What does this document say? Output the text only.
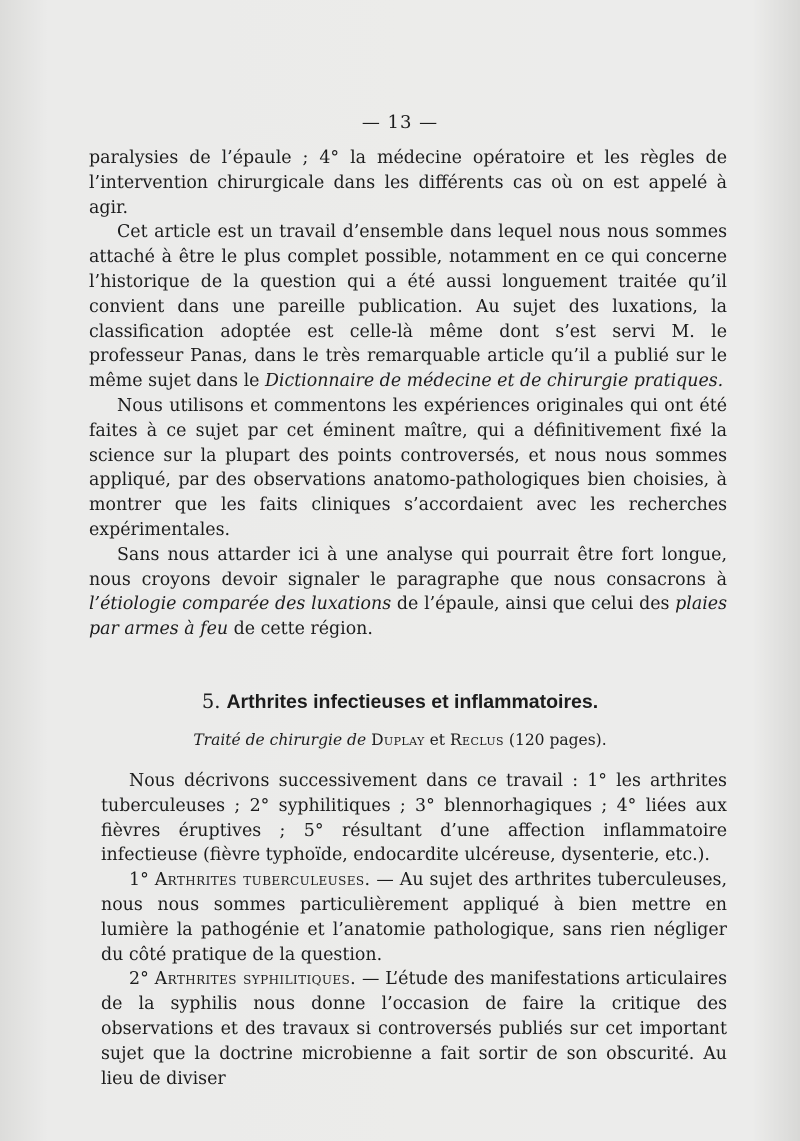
— 13 —

paralysies de l’épaule ; 4° la médecine opératoire et les règles de l’intervention chirurgicale dans les différents cas où on est appelé à agir.

Cet article est un travail d’ensemble dans lequel nous nous sommes attaché à être le plus complet possible, notamment en ce qui concerne l’historique de la question qui a été aussi longuement traitée qu’il convient dans une pareille publication. Au sujet des luxations, la classification adoptée est celle-là même dont s’est servi M. le professeur Panas, dans le très remarquable article qu’il a publié sur le même sujet dans le Dictionnaire de médecine et de chirurgie pratiques.

Nous utilisons et commentons les expériences originales qui ont été faites à ce sujet par cet éminent maître, qui a définitivement fixé la science sur la plupart des points controversés, et nous nous sommes appliqué, par des observations anatomo-pathologiques bien choisies, à montrer que les faits cliniques s’accordaient avec les recherches expérimentales.

Sans nous attarder ici à une analyse qui pourrait être fort longue, nous croyons devoir signaler le paragraphe que nous consacrons à l’étiologie comparée des luxations de l’épaule, ainsi que celui des plaies par armes à feu de cette région.

5. Arthrites infectieuses et inflammatoires.
Traité de chirurgie de Duplay et Reclus (120 pages).

Nous décrivons successivement dans ce travail : 1° les arthrites tuberculeuses ; 2° syphilitiques ; 3° blennorhagiques ; 4° liées aux fièvres éruptives ; 5° résultant d’une affection inflammatoire infectieuse (fièvre typhoïde, endocardite ulcéreuse, dysenterie, etc.).

1° Arthrites tuberculeuses. — Au sujet des arthrites tuberculeuses, nous nous sommes particulièrement appliqué à bien mettre en lumière la pathogénie et l’anatomie pathologique, sans rien négliger du côté pratique de la question.

2° Arthrites syphilitiques. — L’étude des manifestations articulaires de la syphilis nous donne l’occasion de faire la critique des observations et des travaux si controversés publiés sur cet important sujet que la doctrine microbienne a fait sortir de son obscurité. Au lieu de diviser
